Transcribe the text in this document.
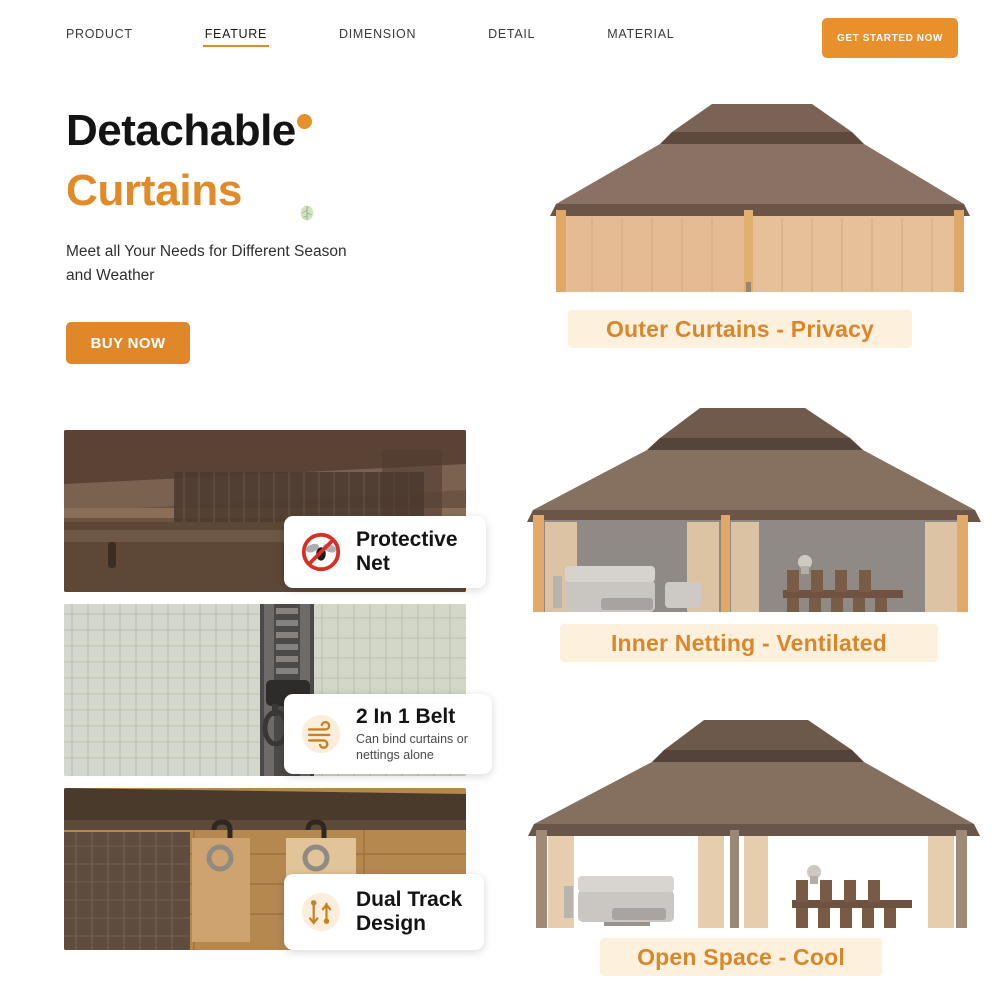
PRODUCT	FEATURE	DIMENSION	DETAIL	MATERIAL	GET STARTED NOW
Detachable

Curtains

Meet all Your Needs for Different Season and Weather

BUY NOW
Outer Curtains - Privacy
Inner Netting - Ventilated
Open Space - Cool
Protective Net
2 In 1 Belt
Can bind curtains or nettings alone
Dual Track Design
